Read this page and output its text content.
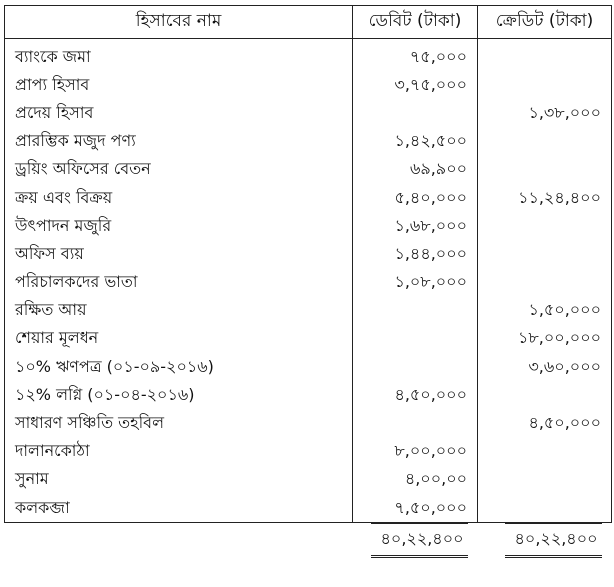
হিসাবের নাম	ডেবিট (টাকা)	ক্রেডিট (টাকা)
ব্যাংকে জমা	৭৫,০০০	
প্রাপ্য হিসাব	৩,৭৫,০০০	
প্রদেয় হিসাব		১,৩৮,০০০
প্রারম্ভিক মজুদ পণ্য	১,৪২,৫০০	
ড্রয়িং অফিসের বেতন	৬৯,৯০০	
ক্রয় এবং বিক্রয়	৫,৪০,০০০	১১,২৪,৪০০
উৎপাদন মজুরি	১,৬৮,০০০	
অফিস ব্যয়	১,৪৪,০০০	
পরিচালকদের ভাতা	১,০৮,০০০	
রক্ষিত আয়		১,৫০,০০০
শেয়ার মূলধন		১৮,০০,০০০
১০% ঋণপত্র (০১-০৯-২০১৬)		৩,৬০,০০০
১২% লগ্নি (০১-০৪-২০১৬)	৪,৫০,০০০	
সাধারণ সঞ্চিতি তহবিল		৪,৫০,০০০
দালানকোঠা	৮,০০,০০০	
সুনাম	৪,০০,০০	
কলকব্জা	৭,৫০,০০০	
	৪০,২২,৪০০	৪০,২২,৪০০
